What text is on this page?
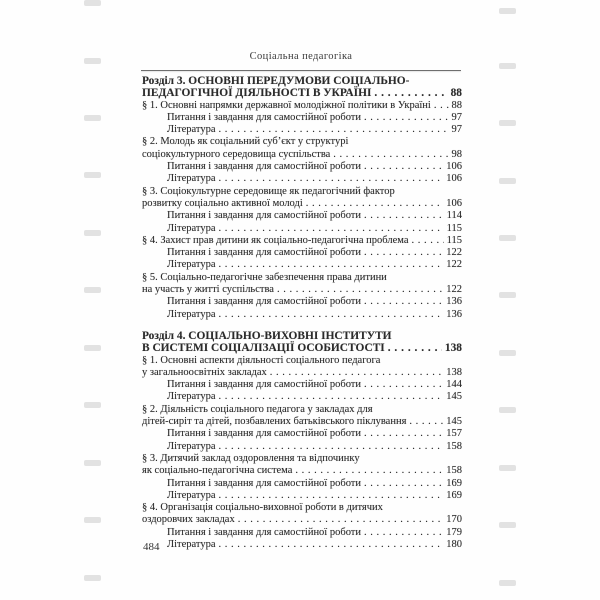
Соціальна педагогіка
Розділ 3. ОСНОВНІ ПЕРЕДУМОВИ СОЦІАЛЬНО-
ПЕДАГОГІЧНОЇ ДІЯЛЬНОСТІ В УКРАЇНІ . . .	88
§ 1. Основні напрямки державної молодіжної політики в Україні . . . 88
Питання і завдання для самостійної роботи . . .	97
Література . . .	97
§ 2. Молодь як соціальний суб’єкт у структурі
соціокультурного середовища суспільства . . .	98
Питання і завдання для самостійної роботи . . .	106
Література . . .	106
§ 3. Соціокультурне середовище як педагогічний фактор
розвитку соціально активної молоді . . .	106
Питання і завдання для самостійної роботи . . .	114
Література . . .	115
§ 4. Захист прав дитини як соціально-педагогічна проблема . . .	115
Питання і завдання для самостійної роботи . . .	122
Література . . .	122
§ 5. Соціально-педагогічне забезпечення права дитини
на участь у житті суспільства . . .	122
Питання і завдання для самостійної роботи . . .	136
Література . . .	136
Розділ 4. СОЦІАЛЬНО-ВИХОВНІ ІНСТИТУТИ
В СИСТЕМІ СОЦІАЛІЗАЦІЇ ОСОБИСТОСТІ . . .	138
§ 1. Основні аспекти діяльності соціального педагога
у загальноосвітніх закладах . . .	138
Питання і завдання для самостійної роботи . . .	144
Література . . .	145
§ 2. Діяльність соціального педагога у закладах для
дітей-сиріт та дітей, позбавлених батьківського піклування . . .	145
Питання і завдання для самостійної роботи . . .	157
Література . . .	158
§ 3. Дитячий заклад оздоровлення та відпочинку
як соціально-педагогічна система . . .	158
Питання і завдання для самостійної роботи . . .	169
Література . . .	169
§ 4. Організація соціально-виховної роботи в дитячих
оздоровчих закладах . . .	170
Питання і завдання для самостійної роботи . . .	179
Література . . .	180
484
